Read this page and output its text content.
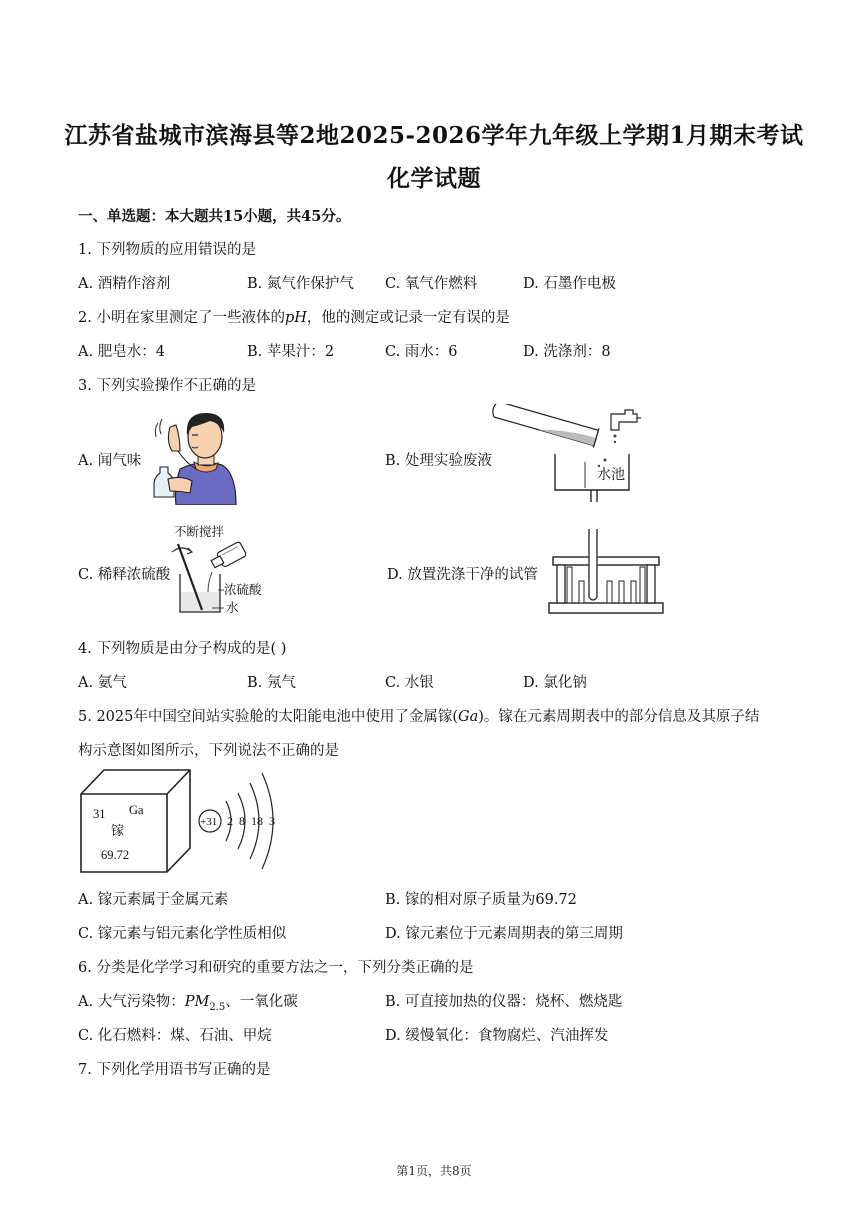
江苏省盐城市滨海县等2地2025-2026学年九年级上学期1月期末考试
化学试题
一、单选题：本大题共15小题，共45分。
1. 下列物质的应用错误的是
A. 酒精作溶剂	B. 氮气作保护气 C. 氧气作燃料	D. 石墨作电极
2. 小明在家里测定了一些液体的pH，他的测定或记录一定有误的是
A. 肥皂水：4	B. 苹果汁：2	C. 雨水：6	D. 洗涤剂：8
3. 下列实验操作不正确的是
A. 闻气味	B. 处理实验废液
C. 稀释浓硫酸	D. 放置洗涤干净的试管
水池
不断搅拌
浓硫酸
水
4. 下列物质是由分子构成的是( )
A. 氨气	B. 氖气	C. 水银	D. 氯化钠
5. 2025年中国空间站实验舱的太阳能电池中使用了金属镓(Ga)。镓在元素周期表中的部分信息及其原子结
构示意图如图所示，下列说法不正确的是
31 Ga
镓
69.72
+31 2 8 18 3
A. 镓元素属于金属元素	B. 镓的相对原子质量为69.72
C. 镓元素与铝元素化学性质相似	D. 镓元素位于元素周期表的第三周期
6. 分类是化学学习和研究的重要方法之一，下列分类正确的是
A. 大气污染物：$PM_{2.5}$、一氧化碳	B. 可直接加热的仪器：烧杯、燃烧匙
C. 化石燃料：煤、石油、甲烷	D. 缓慢氧化：食物腐烂、汽油挥发
7. 下列化学用语书写正确的是
第1页，共8页
